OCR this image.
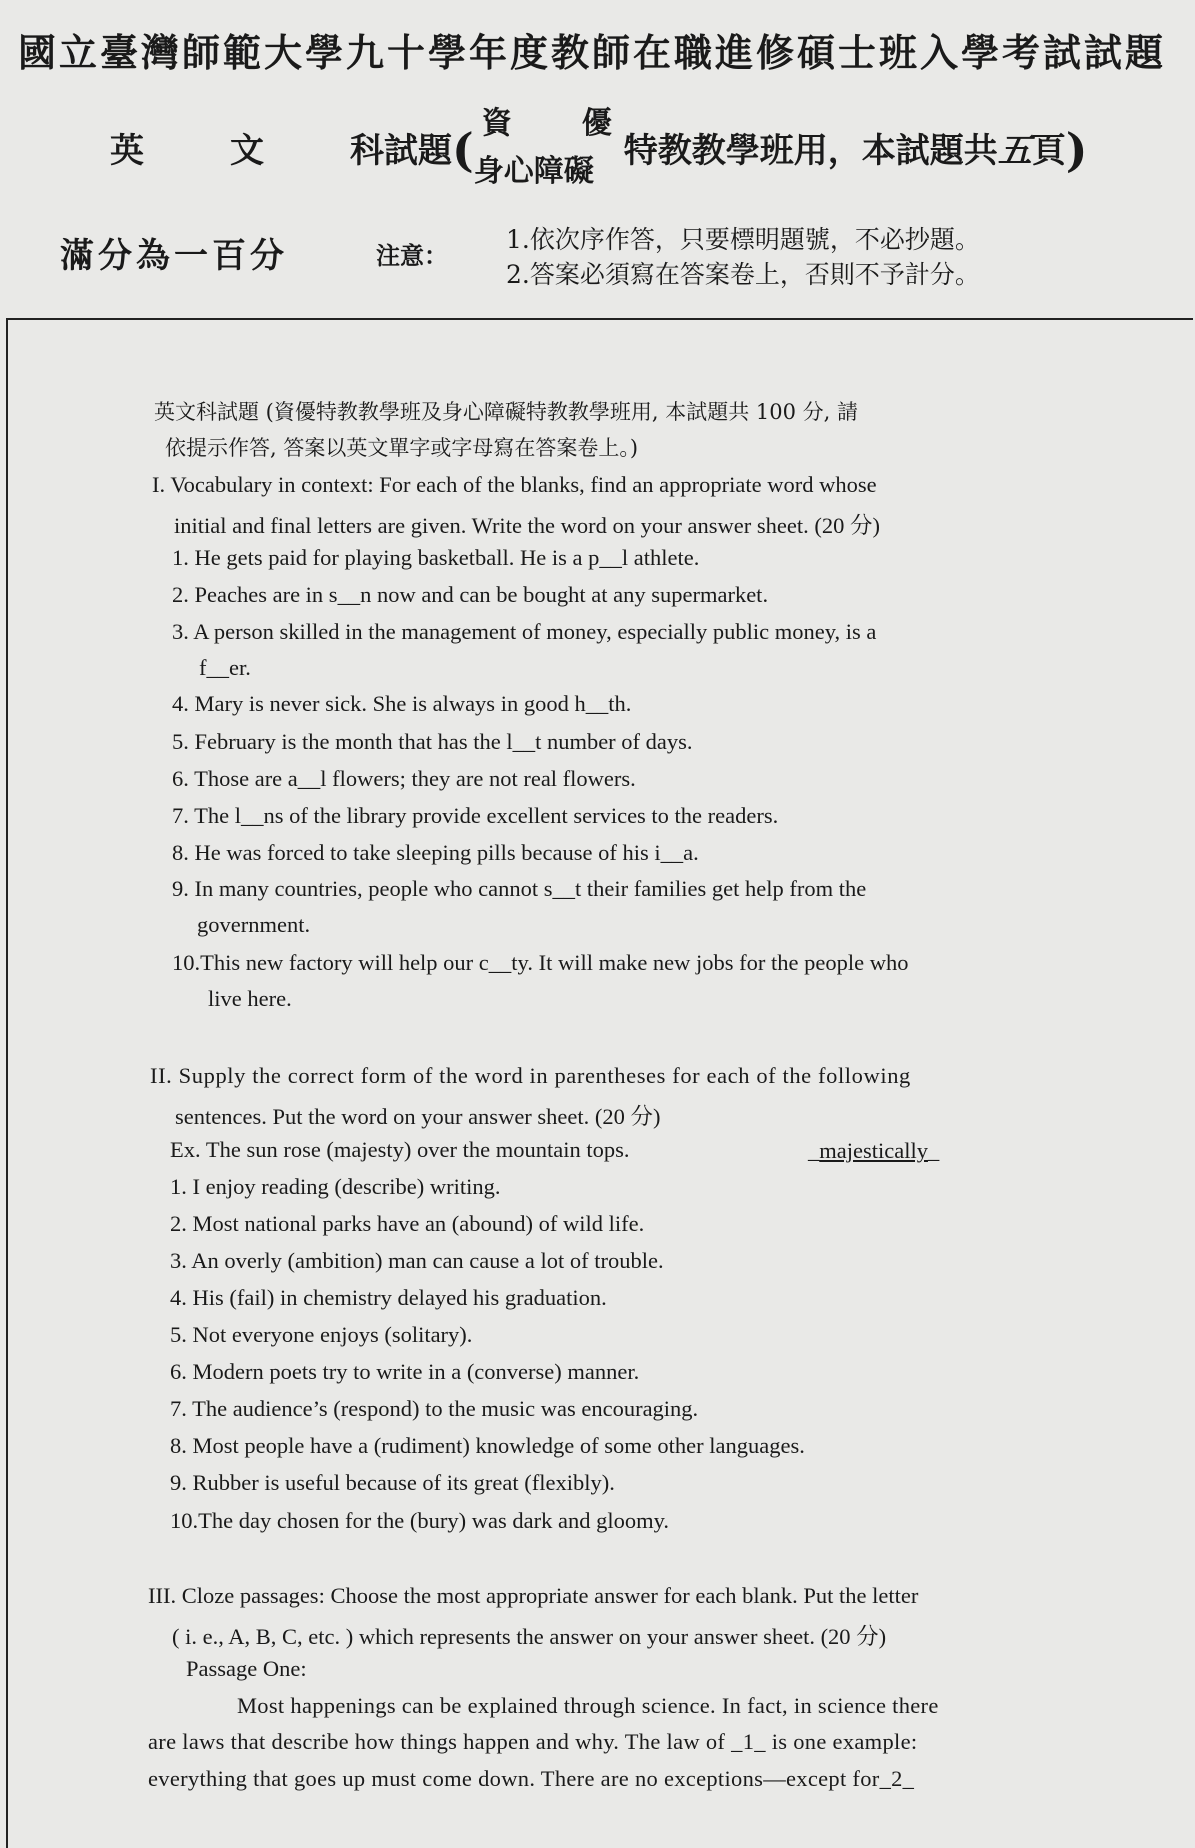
國立臺灣師範大學九十學年度教師在職進修碩士班入學考試試題
英	文	科試題( 資 優
身心障礙
特教教學班用，本試題共五頁)
滿分為一百分	注意：
1.依次序作答，只要標明題號，不必抄題。
2.答案必須寫在答案卷上，否則不予計分。
英文科試題 (資優特教教學班及身心障礙特教教學班用, 本試題共 100 分, 請
依提示作答, 答案以英文單字或字母寫在答案卷上。)
I. Vocabulary in context: For each of the blanks, find an appropriate word whose
initial and final letters are given. Write the word on your answer sheet. (20 分)
1. He gets paid for playing basketball. He is a p__l athlete.
2. Peaches are in s__n now and can be bought at any supermarket.
3. A person skilled in the management of money, especially public money, is a
f__er.
4. Mary is never sick. She is always in good h__th.
5. February is the month that has the l__t number of days.
6. Those are a__l flowers; they are not real flowers.
7. The l__ns of the library provide excellent services to the readers.
8. He was forced to take sleeping pills because of his i__a.
9. In many countries, people who cannot s__t their families get help from the
government.
10.This new factory will help our c__ty. It will make new jobs for the people who
live here.
II. Supply the correct form of the word in parentheses for each of the following
sentences. Put the word on your answer sheet. (20 分)
Ex. The sun rose (majesty) over the mountain tops.	_majestically_
1. I enjoy reading (describe) writing.
2. Most national parks have an (abound) of wild life.
3. An overly (ambition) man can cause a lot of trouble.
4. His (fail) in chemistry delayed his graduation.
5. Not everyone enjoys (solitary).
6. Modern poets try to write in a (converse) manner.
7. The audience’s (respond) to the music was encouraging.
8. Most people have a (rudiment) knowledge of some other languages.
9. Rubber is useful because of its great (flexibly).
10.The day chosen for the (bury) was dark and gloomy.
III. Cloze passages: Choose the most appropriate answer for each blank. Put the letter
( i. e., A, B, C, etc. ) which represents the answer on your answer sheet. (20 分)
Passage One:
Most happenings can be explained through science. In fact, in science there
are laws that describe how things happen and why. The law of _1_ is one example:
everything that goes up must come down. There are no exceptions—except for_2_
